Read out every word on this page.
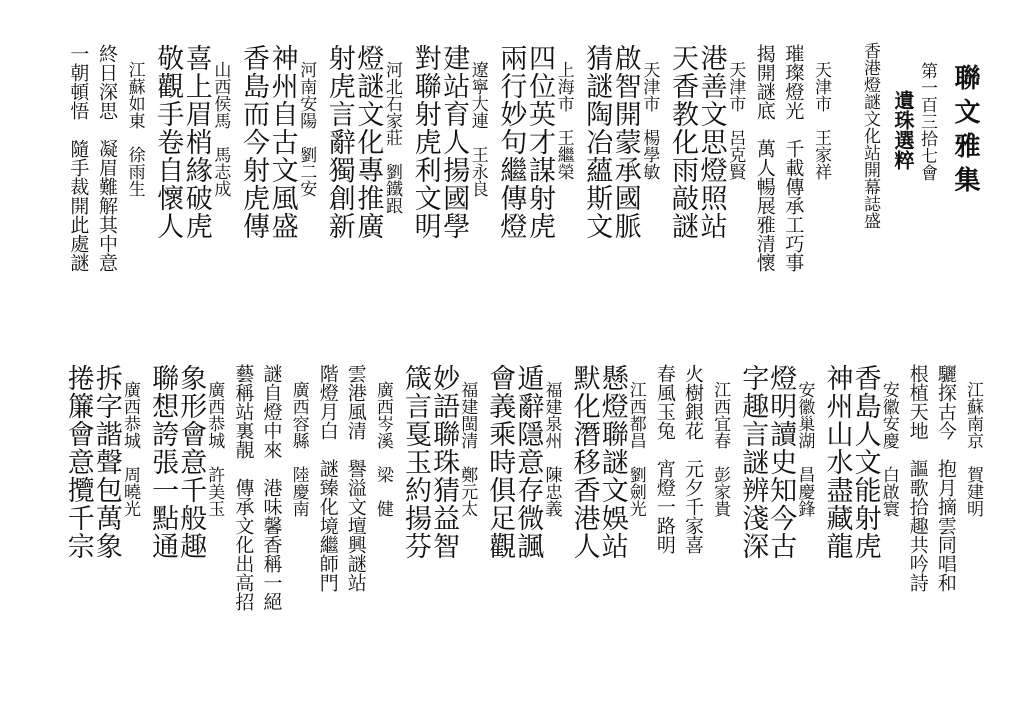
聯文雅集
第一百三拾七會
遺珠選粹
香港燈謎文化站開幕誌盛
　天津市　王家祥
璀璨燈光　千載傳承工巧事
揭開謎底　萬人暢展雅清懷
　天津市　呂克賢
港善文思燈照站
天香教化雨敲謎
　天津市　楊學敏
啟智開蒙承國脈
猜謎陶冶蘊斯文
　上海市　王繼榮
四位英才謀射虎
兩行妙句繼傳燈
　遼寧大連　王永良
建站育人揚國學
對聯射虎利文明
　河北石家莊　劉鐵跟
燈謎文化專推廣
射虎言辭獨創新
　河南安陽　劉二安
神州自古文風盛
香島而今射虎傳
　山西侯馬　馬志成
喜上眉梢緣破虎
敬觀手卷自懷人
　江蘇如東　徐雨生
終日深思　凝眉難解其中意
一朝頓悟　隨手裁開此處謎
　江蘇南京　賀建明
驪探古今　抱月摘雲同唱和
根植天地　謳歌拾趣共吟詩
　安徽安慶　白啟寰
香島人文能射虎
神州山水盡藏龍
　安徽巢湖　昌慶鋒
燈明讀史知今古
字趣言謎辨淺深
　江西宜春　彭家貴
火樹銀花　元夕千家喜
春風玉兔　宵燈一路明
　江西都昌　劉劍光
懸燈聯謎文娛站
默化潛移香港人
　福建泉州　陳忠義
遁辭隱意存微諷
會義乘時俱足觀
　福建閩清　鄭元太
妙語聯珠猜益智
箴言戛玉約揚芬
　廣西岑溪　梁　健
雲港風清　譽溢文壇興謎站
階燈月白　謎臻化境繼師門
　廣西容縣　陸慶南
謎自燈中來　港味馨香稱一絕
藝稱站裏靚　傳承文化出高招
　廣西恭城　許美玉
象形會意千般趣
聯想誇張一點通
　廣西恭城　周曉光
拆字諧聲包萬象
捲簾會意攬千宗
